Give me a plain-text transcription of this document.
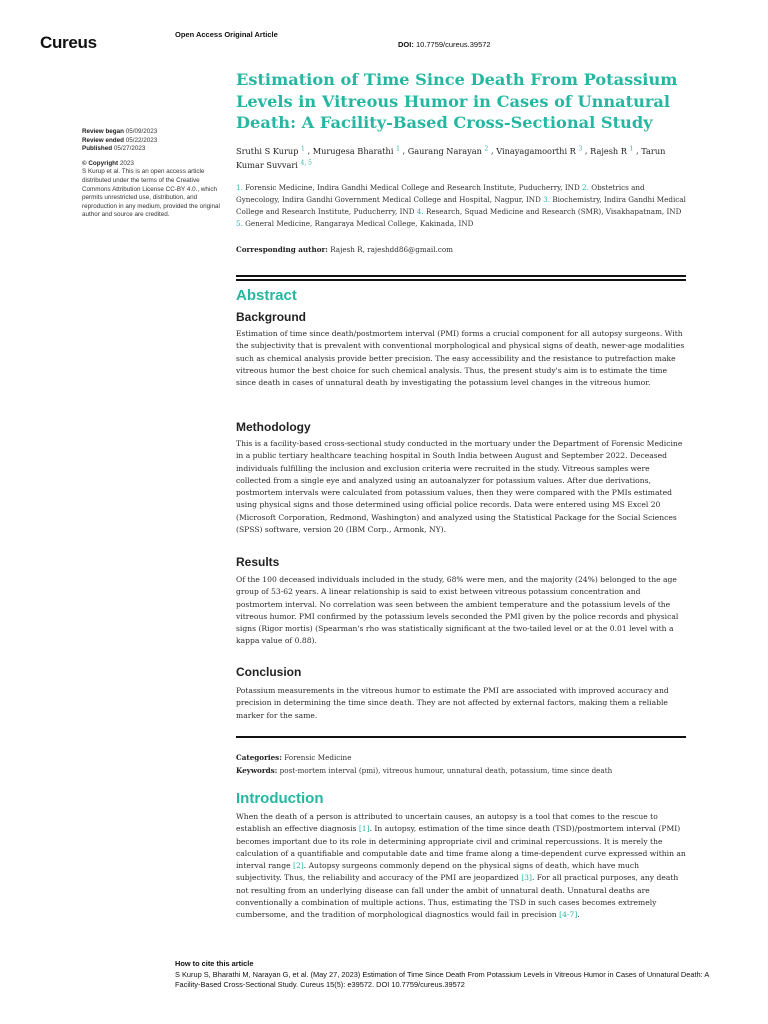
Cureus	Open Access Original Article
DOI: 10.7759/cureus.39572
Review began 05/09/2023
Review ended 05/22/2023
Published 05/27/2023
© Copyright 2023
S Kurup et al. This is an open access article distributed under the terms of the Creative Commons Attribution License CC-BY 4.0., which permits unrestricted use, distribution, and reproduction in any medium, provided the original author and source are credited.
Estimation of Time Since Death From Potassium Levels in Vitreous Humor in Cases of Unnatural Death: A Facility-Based Cross-Sectional Study
Sruthi S Kurup $^1$ , Murugesa Bharathi $^1$ , Gaurang Narayan $^2$ , Vinayagamoorthi R $^3$ , Rajesh R $^1$ , Tarun Kumar Suvvari $^{4, 5}$
1. Forensic Medicine, Indira Gandhi Medical College and Research Institute, Puducherry, IND 2. Obstetrics and Gynecology, Indira Gandhi Government Medical College and Hospital, Nagpur, IND 3. Biochemistry, Indira Gandhi Medical College and Research Institute, Puducherry, IND 4. Research, Squad Medicine and Research (SMR), Visakhapatnam, IND 5. General Medicine, Rangaraya Medical College, Kakinada, IND
Corresponding author: Rajesh R, rajeshdd86@gmail.com
Abstract
Background

Estimation of time since death/postmortem interval (PMI) forms a crucial component for all autopsy surgeons. With the subjectivity that is prevalent with conventional morphological and physical signs of death, newer-age modalities such as chemical analysis provide better precision. The easy accessibility and the resistance to putrefaction make vitreous humor the best choice for such chemical analysis. Thus, the present study's aim is to estimate the time since death in cases of unnatural death by investigating the potassium level changes in the vitreous humor.

Methodology

This is a facility-based cross-sectional study conducted in the mortuary under the Department of Forensic Medicine in a public tertiary healthcare teaching hospital in South India between August and September 2022. Deceased individuals fulfilling the inclusion and exclusion criteria were recruited in the study. Vitreous samples were collected from a single eye and analyzed using an autoanalyzer for potassium values. After due derivations, postmortem intervals were calculated from potassium values, then they were compared with the PMIs estimated using physical signs and those determined using official police records. Data were entered using MS Excel 20 (Microsoft Corporation, Redmond, Washington) and analyzed using the Statistical Package for the Social Sciences (SPSS) software, version 20 (IBM Corp., Armonk, NY).

Results

Of the 100 deceased individuals included in the study, 68% were men, and the majority (24%) belonged to the age group of 53-62 years. A linear relationship is said to exist between vitreous potassium concentration and postmortem interval. No correlation was seen between the ambient temperature and the potassium levels of the vitreous humor. PMI confirmed by the potassium levels seconded the PMI given by the police records and physical signs (Rigor mortis) (Spearman's rho was statistically significant at the two-tailed level or at the 0.01 level with a kappa value of 0.88).

Conclusion

Potassium measurements in the vitreous humor to estimate the PMI are associated with improved accuracy and precision in determining the time since death. They are not affected by external factors, making them a reliable marker for the same.

Categories: Forensic Medicine
Keywords: post-mortem interval (pmi), vitreous humour, unnatural death, potassium, time since death
Introduction

When the death of a person is attributed to uncertain causes, an autopsy is a tool that comes to the rescue to establish an effective diagnosis [1]. In autopsy, estimation of the time since death (TSD)/postmortem interval (PMI) becomes important due to its role in determining appropriate civil and criminal repercussions. It is merely the calculation of a quantifiable and computable date and time frame along a time-dependent curve expressed within an interval range [2]. Autopsy surgeons commonly depend on the physical signs of death, which have much subjectivity. Thus, the reliability and accuracy of the PMI are jeopardized [3]. For all practical purposes, any death not resulting from an underlying disease can fall under the ambit of unnatural death. Unnatural deaths are conventionally a combination of multiple actions. Thus, estimating the TSD in such cases becomes extremely cumbersome, and the tradition of morphological diagnostics would fail in precision [4-7].

How to cite this article
S Kurup S, Bharathi M, Narayan G, et al. (May 27, 2023) Estimation of Time Since Death From Potassium Levels in Vitreous Humor in Cases of Unnatural Death: A Facility-Based Cross-Sectional Study. Cureus 15(5): e39572. DOI 10.7759/cureus.39572
